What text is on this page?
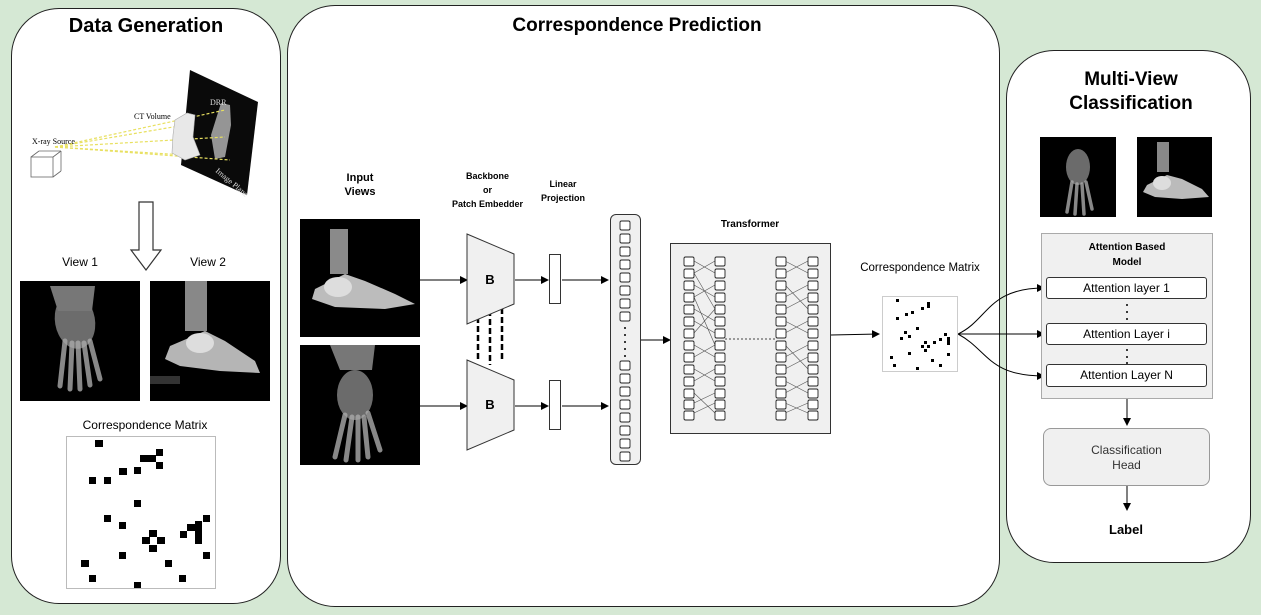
Data Generation
X-ray Source
CT Volume
DRR
Image Plane
View 1	View 2
Correspondence Matrix
Correspondence Prediction
Input
Views
Backbone
or
Patch Embedder
Linear
Projection
B
B
Transformer
Correspondence Matrix
Multi-View
Classification
Attention Based
Model
Attention layer 1
Attention Layer i
Attention Layer N
Classification
Head
Label
